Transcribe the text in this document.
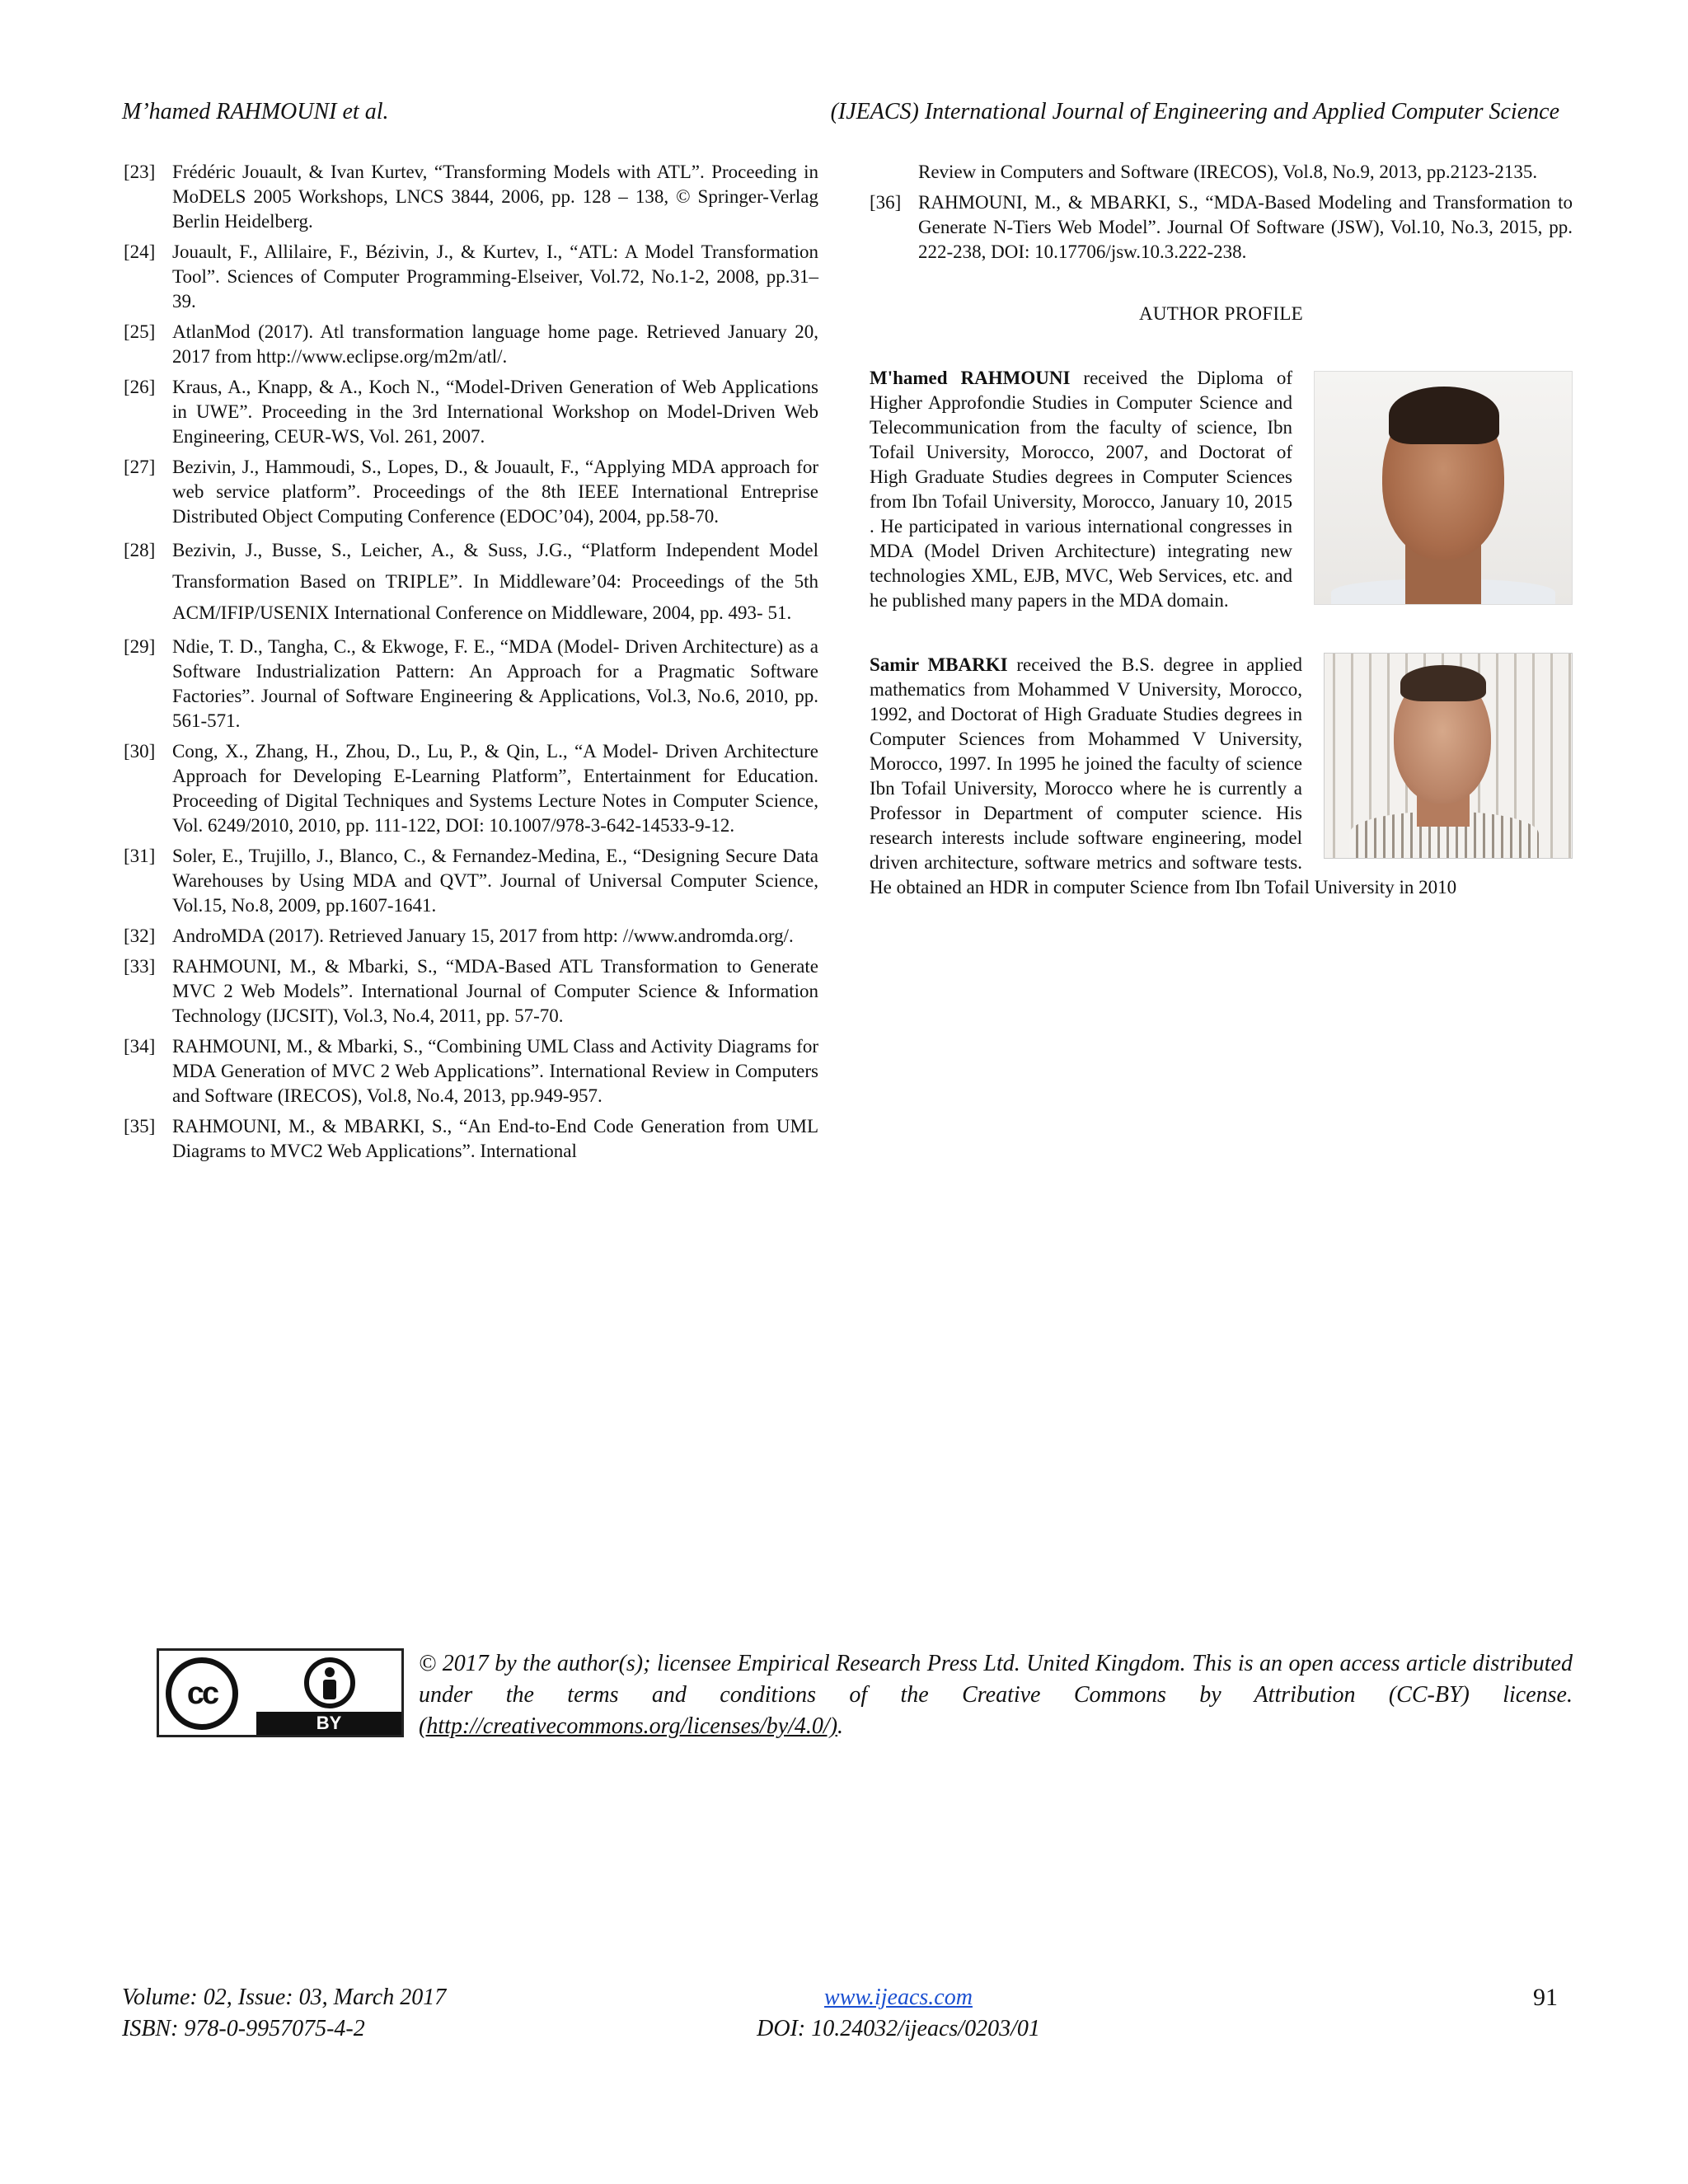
M’hamed RAHMOUNI et al.	(IJEACS) International Journal of Engineering and Applied Computer Science
[23] Frédéric Jouault, & Ivan Kurtev, “Transforming Models with ATL”. Proceeding in MoDELS 2005 Workshops, LNCS 3844, 2006, pp. 128 – 138, © Springer-Verlag Berlin Heidelberg.
[24] Jouault, F., Allilaire, F., Bézivin, J., & Kurtev, I., “ATL: A Model Transformation Tool”. Sciences of Computer Programming-Elseiver, Vol.72, No.1-2, 2008, pp.31–39.
[25] AtlanMod (2017). Atl transformation language home page. Retrieved January 20, 2017 from http://www.eclipse.org/m2m/atl/.
[26] Kraus, A., Knapp, & A., Koch N., “Model-Driven Generation of Web Applications in UWE”. Proceeding in the 3rd International Workshop on Model-Driven Web Engineering, CEUR-WS, Vol. 261, 2007.
[27] Bezivin, J., Hammoudi, S., Lopes, D., & Jouault, F., “Applying MDA approach for web service platform”. Proceedings of the 8th IEEE International Entreprise Distributed Object Computing Conference (EDOC’04), 2004, pp.58-70.
[28] Bezivin, J., Busse, S., Leicher, A., & Suss, J.G., “Platform Independent Model Transformation Based on TRIPLE”. In Middleware’04: Proceedings of the 5th ACM/IFIP/USENIX International Conference on Middleware, 2004, pp. 493- 51.
[29] Ndie, T. D., Tangha, C., & Ekwoge, F. E., “MDA (Model- Driven Architecture) as a Software Industrialization Pattern: An Approach for a Pragmatic Software Factories”. Journal of Software Engineering & Applications, Vol.3, No.6, 2010, pp. 561-571.
[30] Cong, X., Zhang, H., Zhou, D., Lu, P., & Qin, L., “A Model- Driven Architecture Approach for Developing E-Learning Platform”, Entertainment for Education. Proceeding of Digital Techniques and Systems Lecture Notes in Computer Science, Vol. 6249/2010, 2010, pp. 111-122, DOI: 10.1007/978-3-642-14533-9-12.
[31] Soler, E., Trujillo, J., Blanco, C., & Fernandez-Medina, E., “Designing Secure Data Warehouses by Using MDA and QVT”. Journal of Universal Computer Science, Vol.15, No.8, 2009, pp.1607-1641.
[32] AndroMDA (2017). Retrieved January 15, 2017 from http: //www.andromda.org/.
[33] RAHMOUNI, M., & Mbarki, S., “MDA-Based ATL Transformation to Generate MVC 2 Web Models”. International Journal of Computer Science & Information Technology (IJCSIT), Vol.3, No.4, 2011, pp. 57-70.
[34] RAHMOUNI, M., & Mbarki, S., “Combining UML Class and Activity Diagrams for MDA Generation of MVC 2 Web Applications”. International Review in Computers and Software (IRECOS), Vol.8, No.4, 2013, pp.949-957.
[35] RAHMOUNI, M., & MBARKI, S., “An End-to-End Code Generation from UML Diagrams to MVC2 Web Applications”. International
Review in Computers and Software (IRECOS), Vol.8, No.9, 2013, pp.2123-2135.
[36] RAHMOUNI, M., & MBARKI, S., “MDA-Based Modeling and Transformation to Generate N-Tiers Web Model”. Journal Of Software (JSW), Vol.10, No.3, 2015, pp. 222-238, DOI: 10.17706/jsw.10.3.222-238.
AUTHOR PROFILE
M'hamed RAHMOUNI received the Diploma of Higher Approfondie Studies in Computer Science and Telecommunication from the faculty of science, Ibn Tofail University, Morocco, 2007, and Doctorat of High Graduate Studies degrees in Computer Sciences from Ibn Tofail University, Morocco, January 10, 2015 . He participated in various international congresses in MDA (Model Driven Architecture) integrating new technologies XML, EJB, MVC, Web Services, etc. and he published many papers in the MDA domain.
Samir MBARKI received the B.S. degree in applied mathematics from Mohammed V University, Morocco, 1992, and Doctorat of High Graduate Studies degrees in Computer Sciences from Mohammed V University, Morocco, 1997. In 1995 he joined the faculty of science Ibn Tofail University, Morocco where he is currently a Professor in Department of computer science. His research interests include software engineering, model driven architecture, software metrics and software tests. He obtained an HDR in computer Science from Ibn Tofail University in 2010
cc
BY
© 2017 by the author(s); licensee Empirical Research Press Ltd. United Kingdom. This is an open access article distributed under the terms and conditions of the Creative Commons by Attribution (CC-BY) license. (http://creativecommons.org/licenses/by/4.0/).
Volume: 02, Issue: 03, March 2017
ISBN: 978-0-9957075-4-2
www.ijeacs.com
DOI: 10.24032/ijeacs/0203/01
91
